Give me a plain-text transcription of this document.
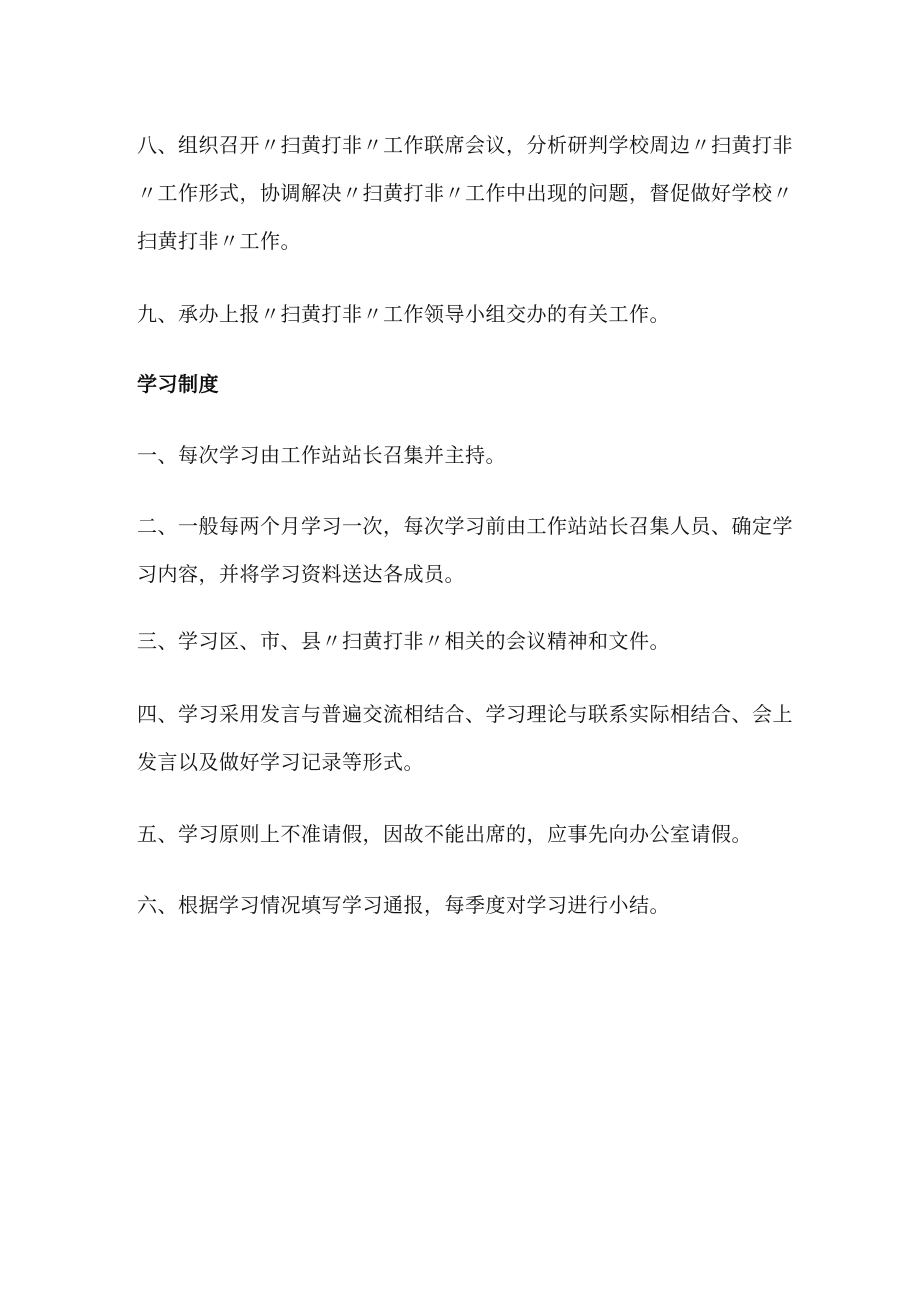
八、组织召开〃扫黄打非〃工作联席会议，分析研判学校周边〃扫黄打非〃工作形式，协调解决〃扫黄打非〃工作中出现的问题，督促做好学校〃扫黄打非〃工作。

九、承办上报〃扫黄打非〃工作领导小组交办的有关工作。

学习制度

一、每次学习由工作站站长召集并主持。

二、一般每两个月学习一次，每次学习前由工作站站长召集人员、确定学习内容，并将学习资料送达各成员。

三、学习区、市、县〃扫黄打非〃相关的会议精神和文件。

四、学习采用发言与普遍交流相结合、学习理论与联系实际相结合、会上发言以及做好学习记录等形式。

五、学习原则上不准请假，因故不能出席的，应事先向办公室请假。

六、根据学习情况填写学习通报，每季度对学习进行小结。
